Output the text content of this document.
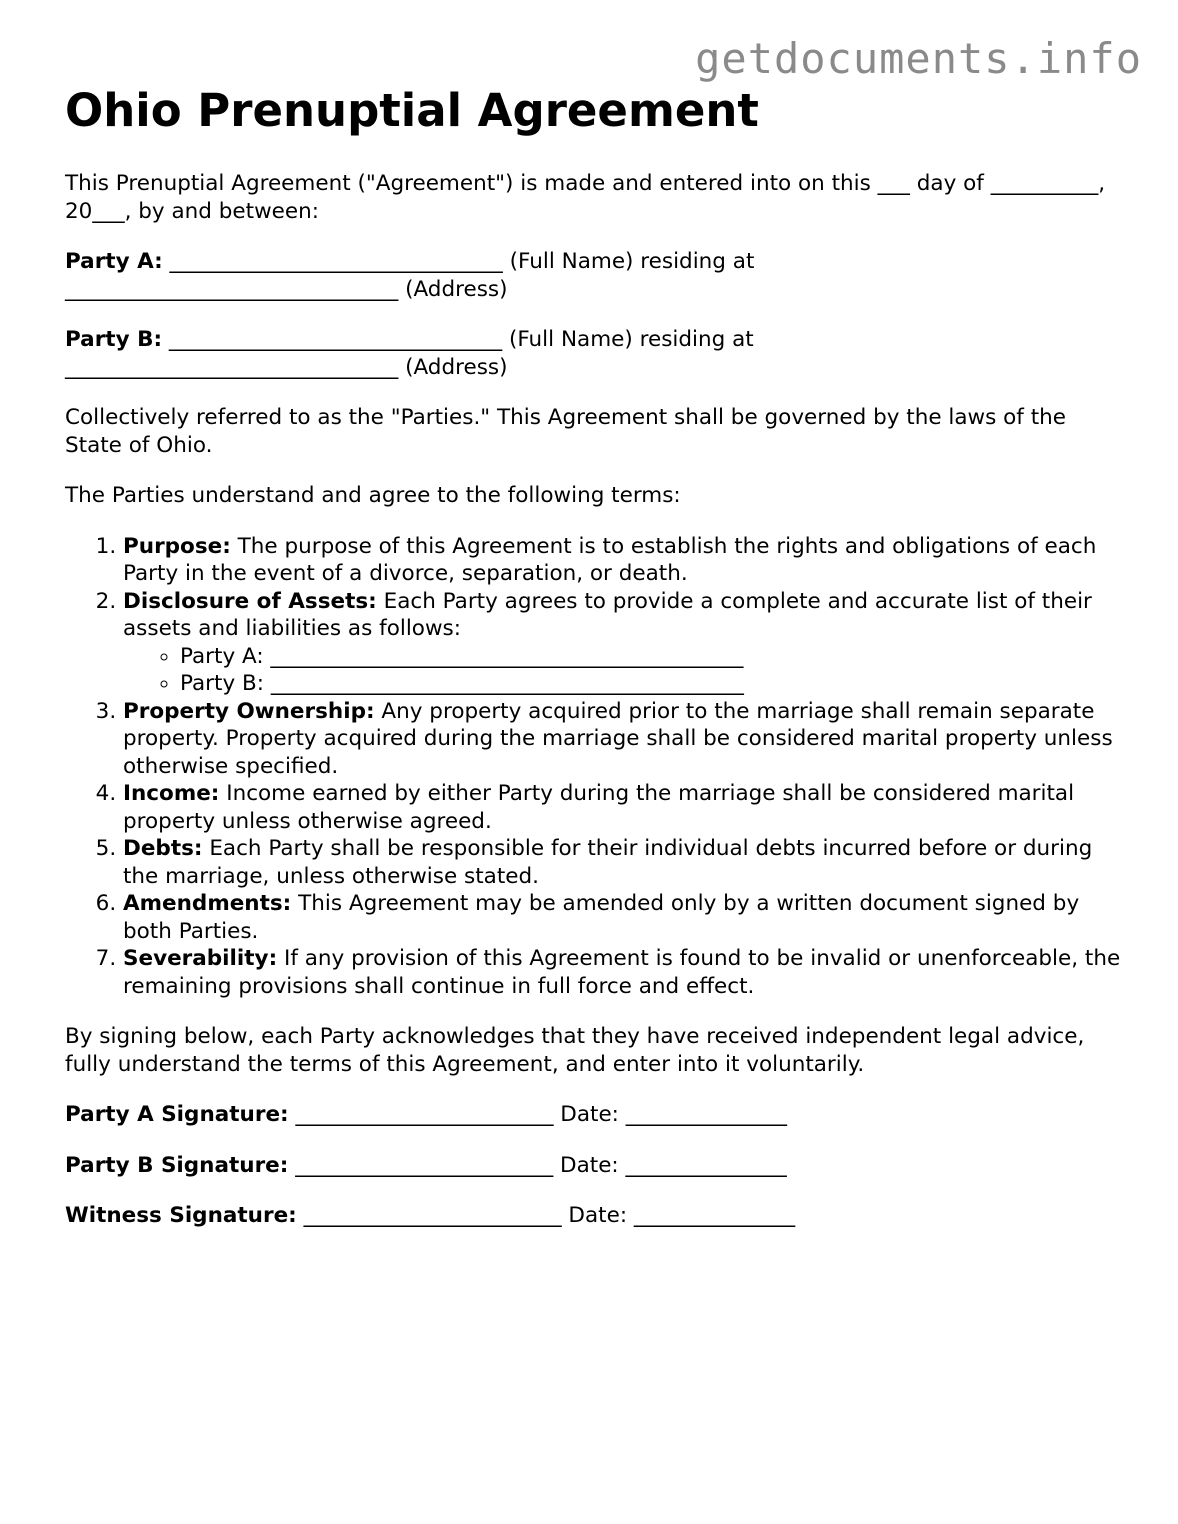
getdocuments.info
Ohio Prenuptial Agreement

This Prenuptial Agreement ("Agreement") is made and entered into on this ___ day of __________, 20___, by and between:

Party A: _______________________________ (Full Name) residing at
_______________________________ (Address)

Party B: _______________________________ (Full Name) residing at
_______________________________ (Address)

Collectively referred to as the "Parties." This Agreement shall be governed by the laws of the State of Ohio.

The Parties understand and agree to the following terms:

1. Purpose: The purpose of this Agreement is to establish the rights and obligations of each Party in the event of a divorce, separation, or death.
2. Disclosure of Assets: Each Party agrees to provide a complete and accurate list of their assets and liabilities as follows:
◦ Party A: ____________________________________________
◦ Party B: ____________________________________________
3. Property Ownership: Any property acquired prior to the marriage shall remain separate property. Property acquired during the marriage shall be considered marital property unless otherwise specified.
4. Income: Income earned by either Party during the marriage shall be considered marital property unless otherwise agreed.
5. Debts: Each Party shall be responsible for their individual debts incurred before or during the marriage, unless otherwise stated.
6. Amendments: This Agreement may be amended only by a written document signed by both Parties.
7. Severability: If any provision of this Agreement is found to be invalid or unenforceable, the remaining provisions shall continue in full force and effect.

By signing below, each Party acknowledges that they have received independent legal advice, fully understand the terms of this Agreement, and enter into it voluntarily.

Party A Signature: ________________________ Date: _______________

Party B Signature: ________________________ Date: _______________

Witness Signature: ________________________ Date: _______________
